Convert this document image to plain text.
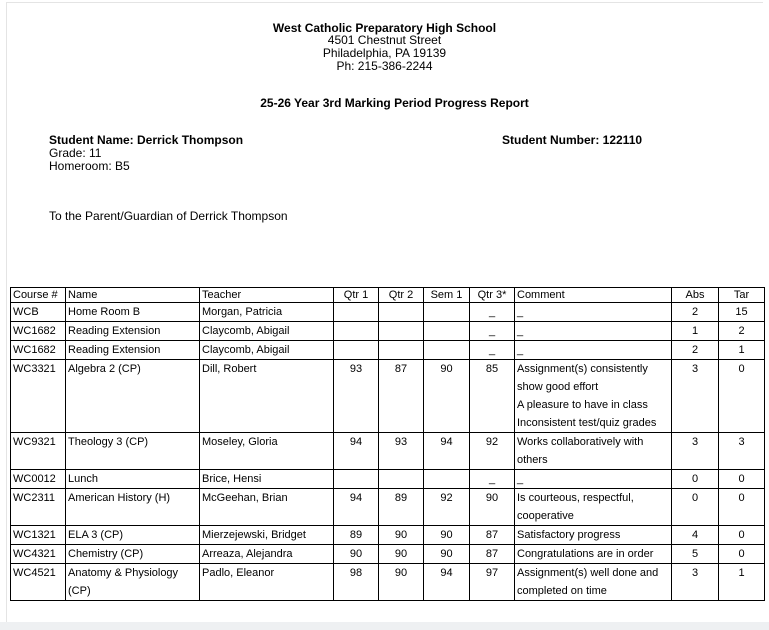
West Catholic Preparatory High School
4501 Chestnut Street
Philadelphia, PA 19139
Ph: 215-386-2244
25-26 Year 3rd Marking Period Progress Report
Student Name: Derrick Thompson
Grade: 11
Homeroom: B5
Student Number: 122110
To the Parent/Guardian of Derrick Thompson
Course #	Name	Teacher	Qtr 1	Qtr 2	Sem 1	Qtr 3*	Comment	Abs	Tar
WCB	Home Room B	Morgan, Patricia				_	_	2	15
WC1682	Reading Extension	Claycomb, Abigail				_	_	1	2
WC1682	Reading Extension	Claycomb, Abigail				_	_	2	1
WC3321	Algebra 2 (CP)	Dill, Robert	93	87	90	85	Assignment(s) consistently
show good effort
A pleasure to have in class
Inconsistent test/quiz grades	3	0
WC9321	Theology 3 (CP)	Moseley, Gloria	94	93	94	92	Works collaboratively with
others	3	3
WC0012	Lunch	Brice, Hensi				_	_	0	0
WC2311	American History (H)	McGeehan, Brian	94	89	92	90	Is courteous, respectful,
cooperative	0	0
WC1321	ELA 3 (CP)	Mierzejewski, Bridget	89	90	90	87	Satisfactory progress	4	0
WC4321	Chemistry (CP)	Arreaza, Alejandra	90	90	90	87	Congratulations are in order	5	0
WC4521	Anatomy & Physiology (CP)	Padlo, Eleanor	98	90	94	97	Assignment(s) well done and
completed on time	3	1
